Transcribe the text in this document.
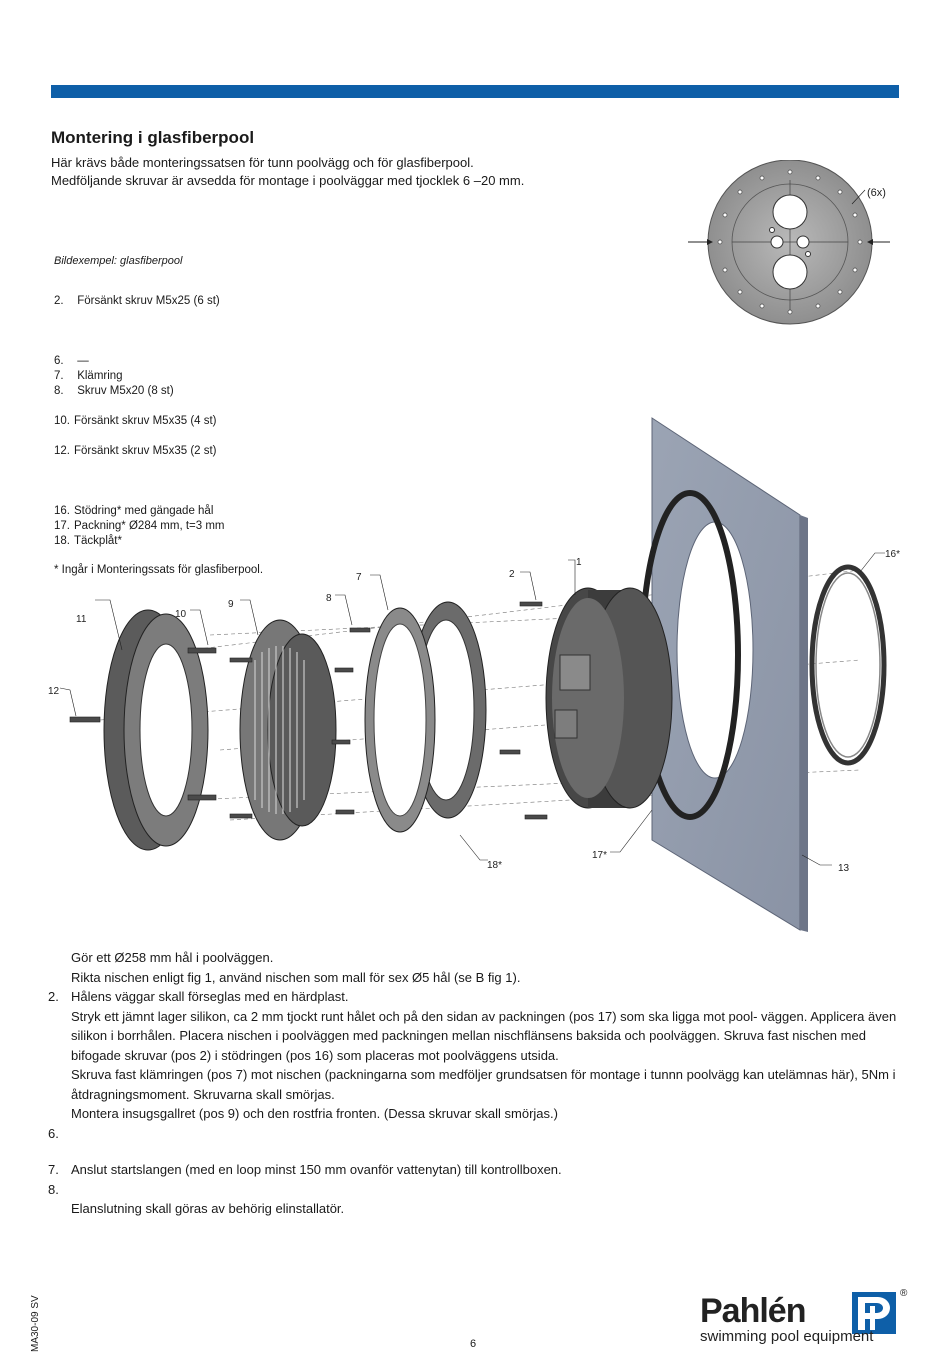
Montering i glasfiberpool
Här krävs både monteringssatsen för tunn poolvägg och för glasfiberpool.
Medföljande skruvar är avsedda för montage i poolväggar med tjocklek 6 –20 mm.
Bildexempel: glasfiberpool
2. Försänkt skruv M5x25 (6 st)
6. —
7. Klämring
8. Skruv M5x20 (8 st)
10. Försänkt skruv M5x35 (4 st)
12. Försänkt skruv M5x35 (2 st)
16. Stödring* med gängade hål
17. Packning* Ø284 mm, t=3 mm
18. Täckplåt*
* Ingår i Monteringssats för glasfiberpool.
(6x)
11	10
9
8
7	2
1
12
18*
17*
13
16*
Gör ett Ø258 mm hål i poolväggen.
Rikta nischen enligt fig 1, använd nischen som mall för sex Ø5 hål (se B fig 1).
2. Hålens väggar skall förseglas med en härdplast.
Stryk ett jämnt lager silikon, ca 2 mm tjockt runt hålet och på den sidan av packningen (pos 17) som ska ligga mot pool- väggen. Applicera även silikon i borrhålen. Placera nischen i poolväggen med packningen mellan nischflänsens baksida och poolväggen. Skruva fast nischen med bifogade skruvar (pos 2) i stödringen (pos 16) som placeras mot poolväggens utsida.
Skruva fast klämringen (pos 7) mot nischen (packningarna som medföljer grundsatsen för montage i tunnn poolvägg kan utelämnas här), 5Nm i åtdragningsmoment. Skruvarna skall smörjas.
Montera insugsgallret (pos 9) och den rostfria fronten. (Dessa skruvar skall smörjas.)
6.
7. Anslut startslangen (med en loop minst 150 mm ovanför vattenytan) till kontrollboxen.
8.
Elanslutning skall göras av behörig elinstallatör.
MA30-09 SV	6
Pahlén	®
swimming pool equipment
